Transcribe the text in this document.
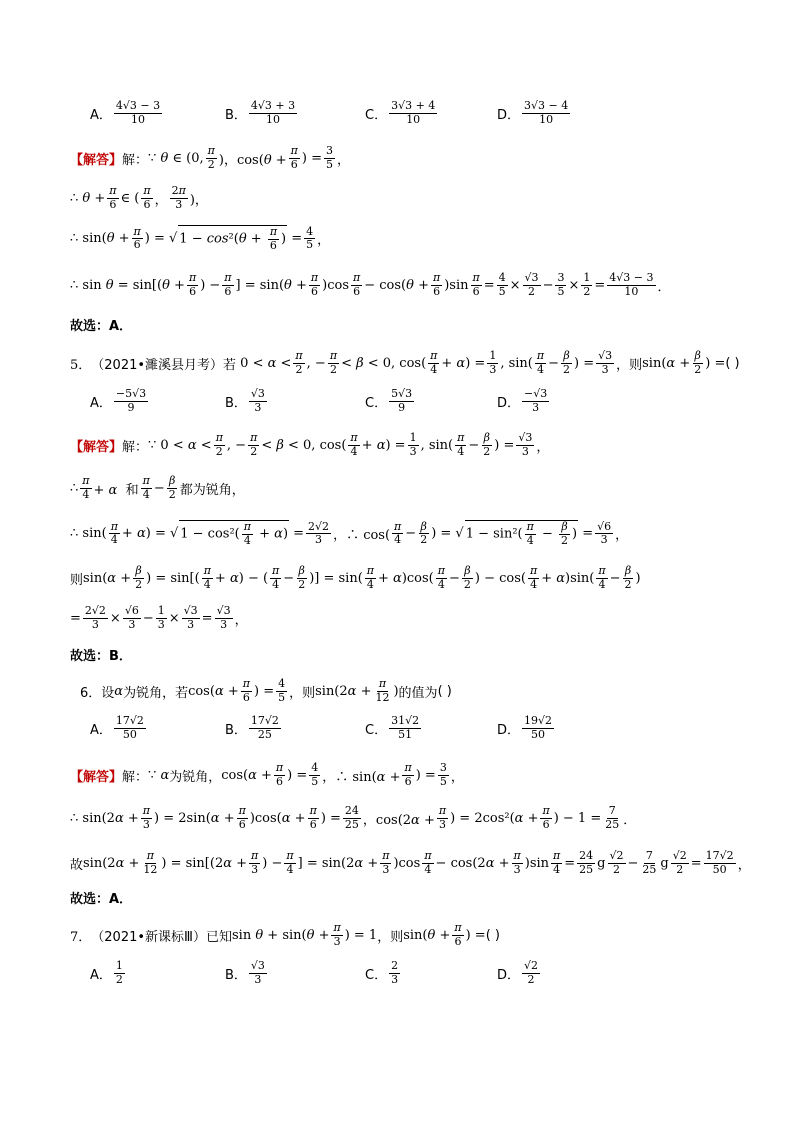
A． $\frac{4√3 - 3}{10}$	B． $\frac{4√3 + 3}{10}$	C． $\frac{3√3 + 4}{10}$	D． $\frac{3√3 - 4}{10}$
【解答】 解： ∵ θ ∈ (0, $\frac{\pi}{2}$ )，$\cos(\theta + \frac{\pi}{6}$ ) = $\frac{3}{5}$ ，
∴ $\theta + \frac{\pi}{6}$ ∈ ( $\frac{\pi}{6}$ ， $\frac{2\pi}{3}$ )，
∴ $\sin(\theta + \frac{\pi}{6}$ ) = √ $1 - \cos^2(\theta + \frac{\pi}{6}$ ) = $\frac{4}{5}$ ，
∴ $\sin \theta = \sin[(\theta + \frac{\pi}{6}$ ) − $\frac{\pi}{6}$ ] = $\sin(\theta + \frac{\pi}{6} )\cos \frac{\pi}{6} - \cos(\theta + \frac{\pi}{6} )\sin \frac{\pi}{6} = \frac{4}{5} \times \frac{√3}{2} - \frac{3}{5} \times \frac{1}{2} = \frac{4√3 - 3}{10}$ ．
故选：A．
5． （2021•濉溪县月考）若 $0 < \alpha < \frac{\pi}{2}$ , − $\frac{\pi}{2} < \beta < 0$, $\cos( \frac{\pi}{4} + \alpha) = \frac{1}{3}$ , $\sin( \frac{\pi}{4} - \frac{\beta}{2}$ ) = $\frac{√3}{3}$ ，则 $\sin(\alpha + \frac{\beta}{2}$ ) = ( )
A． $\frac{-5√3}{9}$	B． $\frac{√3}{3}$	C． $\frac{5√3}{9}$	D． $\frac{-√3}{3}$
【解答】 解： ∵ $0 < \alpha < \frac{\pi}{2}$ , − $\frac{\pi}{2} < \beta < 0$, $\cos( \frac{\pi}{4} + \alpha) = \frac{1}{3}$ , $\sin( \frac{\pi}{4} - \frac{\beta}{2}$ ) = $\frac{√3}{3}$ ，
∴ $\frac{\pi}{4} + \alpha$  和 $\frac{\pi}{4} - \frac{\beta}{2}$ 都为锐角，
∴ $\sin( \frac{\pi}{4} + \alpha)$ = √ $1 - \cos^2( \frac{\pi}{4} + \alpha) = \frac{2√2}{3}$ ，∴ $\cos( \frac{\pi}{4} - \frac{\beta}{2}$ ) = √ $1 - \sin^2( \frac{\pi}{4} - \frac{\beta}{2}$ ) = $\frac{√6}{3}$ ，
则 $\sin(\alpha + \frac{\beta}{2}$ ) = $\sin[( \frac{\pi}{4} + \alpha)$ − ( $\frac{\pi}{4} - \frac{\beta}{2}$ )] = $\sin( \frac{\pi}{4} + \alpha)\cos( \frac{\pi}{4} - \frac{\beta}{2}$ ) − $\cos( \frac{\pi}{4} + \alpha)\sin( \frac{\pi}{4} - \frac{\beta}{2}$ )
= $\frac{2√2}{3} \times \frac{√6}{3} - \frac{1}{3} \times \frac{√3}{3} = \frac{√3}{3}$ ，
故选：B．
6．设 α 为锐角，若 $\cos(\alpha + \frac{\pi}{6}$ ) = $\frac{4}{5}$ ，则 $\sin(2\alpha + \frac{\pi}{12}$ ) 的值为 ( )
A． $\frac{17√2}{50}$	B． $\frac{17√2}{25}$	C． $\frac{31√2}{51}$	D． $\frac{19√2}{50}$
【解答】 解： ∵ α 为锐角， $\cos(\alpha + \frac{\pi}{6}$ ) = $\frac{4}{5}$ ，∴ $\sin(\alpha + \frac{\pi}{6}$ ) = $\frac{3}{5}$ ，
∴ $\sin(2\alpha + \frac{\pi}{3}$ ) = $2\sin(\alpha + \frac{\pi}{6} )\cos(\alpha + \frac{\pi}{6}$ ) = $\frac{24}{25}$ ，$\cos(2\alpha + \frac{\pi}{3}$ ) = $2\cos^2(\alpha + \frac{\pi}{6}$ ) − $1 = \frac{7}{25}$ ．
故 $\sin(2\alpha + \frac{\pi}{12}$ ) = $\sin[(2\alpha + \frac{\pi}{3}$ ) − $\frac{\pi}{4}$ ] = $\sin(2\alpha + \frac{\pi}{3} )\cos \frac{\pi}{4} - \cos(2\alpha + \frac{\pi}{3} )\sin \frac{\pi}{4} = \frac{24}{25}$ g $\frac{√2}{2} - \frac{7}{25}$ g $\frac{√2}{2} = \frac{17√2}{50}$ ，
故选：A．
7． （2021•新课标Ⅲ）已知 $\sin \theta + \sin(\theta + \frac{\pi}{3}$ ) = 1 ，则 $\sin(\theta + \frac{\pi}{6}$ ) = ( )
A． $\frac{1}{2}$	B． $\frac{√3}{3}$	C． $\frac{2}{3}$	D． $\frac{√2}{2}$
